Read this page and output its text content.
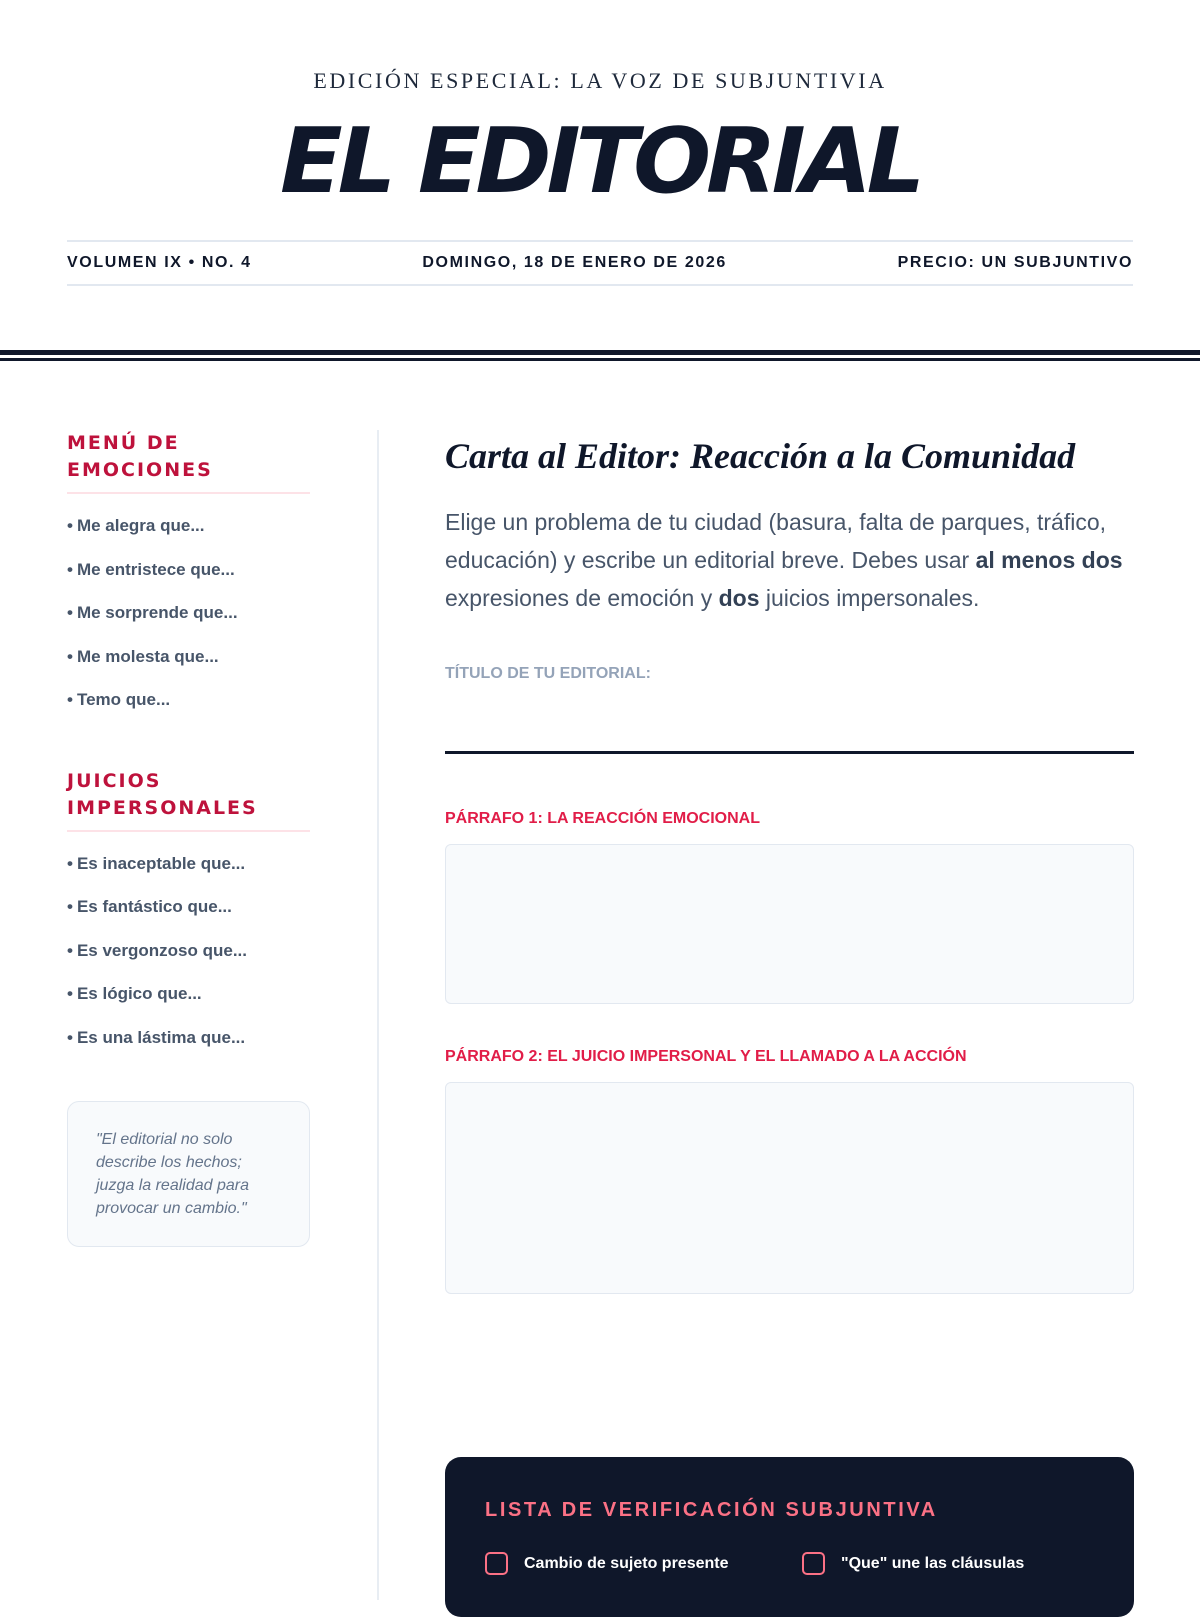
EDICIÓN ESPECIAL: LA VOZ DE SUBJUNTIVIA
EL EDITORIAL
VOLUMEN IX • NO. 4	DOMINGO, 18 DE ENERO DE 2026	PRECIO: UN SUBJUNTIVO
MENÚ DE EMOCIONES
• Me alegra que...
• Me entristece que...
• Me sorprende que...
• Me molesta que...
• Temo que...
JUICIOS IMPERSONALES
• Es inaceptable que...
• Es fantástico que...
• Es vergonzoso que...
• Es lógico que...
• Es una lástima que...
"El editorial no solo describe los hechos; juzga la realidad para provocar un cambio."
Carta al Editor: Reacción a la Comunidad

Elige un problema de tu ciudad (basura, falta de parques, tráfico, educación) y escribe un editorial breve. Debes usar al menos dos expresiones de emoción y dos juicios impersonales.

TÍTULO DE TU EDITORIAL:
PÁRRAFO 1: LA REACCIÓN EMOCIONAL
PÁRRAFO 2: EL JUICIO IMPERSONAL Y EL LLAMADO A LA ACCIÓN
LISTA DE VERIFICACIÓN SUBJUNTIVA
Cambio de sujeto presente	"Que" une las cláusulas
